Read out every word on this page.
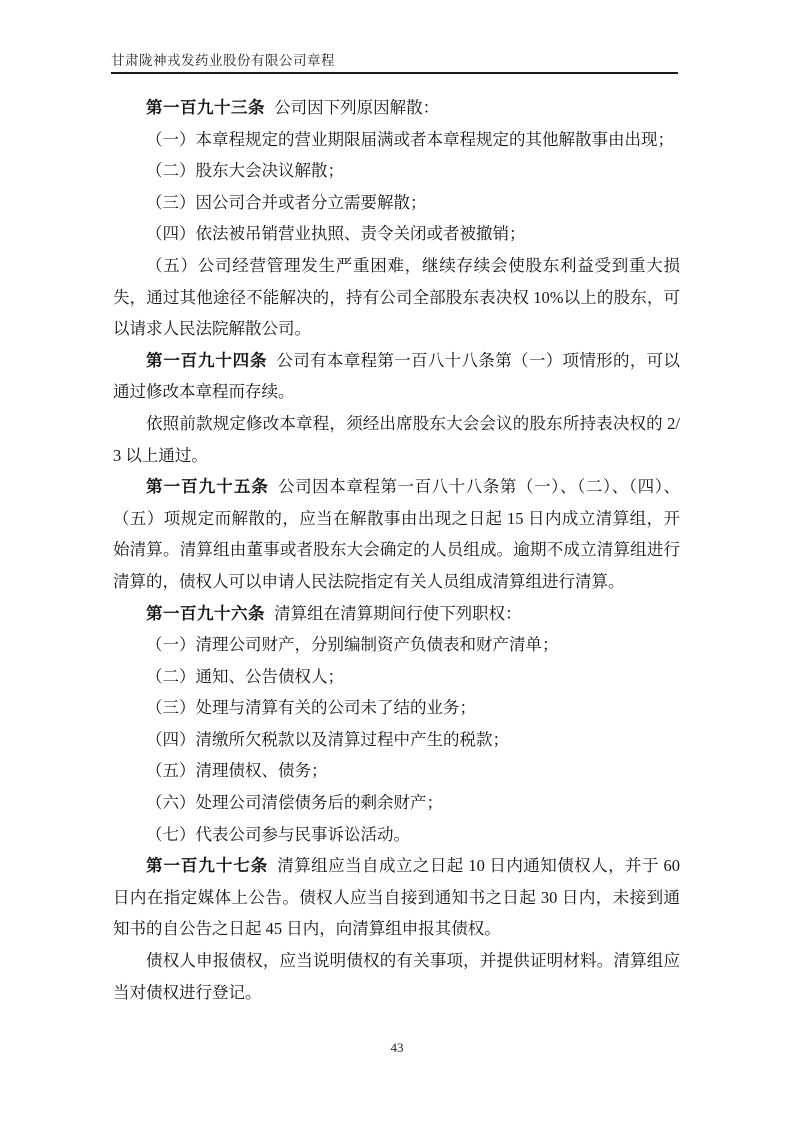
甘肃陇神戎发药业股份有限公司章程

第一百九十三条 公司因下列原因解散：

（一）本章程规定的营业期限届满或者本章程规定的其他解散事由出现；

（二）股东大会决议解散；

（三）因公司合并或者分立需要解散；

（四）依法被吊销营业执照、责令关闭或者被撤销；

（五）公司经营管理发生严重困难，继续存续会使股东利益受到重大损失，通过其他途径不能解决的，持有公司全部股东表决权 10%以上的股东，可以请求人民法院解散公司。

第一百九十四条 公司有本章程第一百八十八条第（一）项情形的，可以通过修改本章程而存续。

依照前款规定修改本章程，须经出席股东大会会议的股东所持表决权的 2/3 以上通过。

第一百九十五条 公司因本章程第一百八十八条第（一）、（二）、（四）、（五）项规定而解散的，应当在解散事由出现之日起 15 日内成立清算组，开始清算。清算组由董事或者股东大会确定的人员组成。逾期不成立清算组进行清算的，债权人可以申请人民法院指定有关人员组成清算组进行清算。

第一百九十六条 清算组在清算期间行使下列职权：

（一）清理公司财产，分别编制资产负债表和财产清单；

（二）通知、公告债权人；

（三）处理与清算有关的公司未了结的业务；

（四）清缴所欠税款以及清算过程中产生的税款；

（五）清理债权、债务；

（六）处理公司清偿债务后的剩余财产；

（七）代表公司参与民事诉讼活动。

第一百九十七条 清算组应当自成立之日起 10 日内通知债权人，并于 60 日内在指定媒体上公告。债权人应当自接到通知书之日起 30 日内，未接到通知书的自公告之日起 45 日内，向清算组申报其债权。

债权人申报债权，应当说明债权的有关事项，并提供证明材料。清算组应当对债权进行登记。

43
